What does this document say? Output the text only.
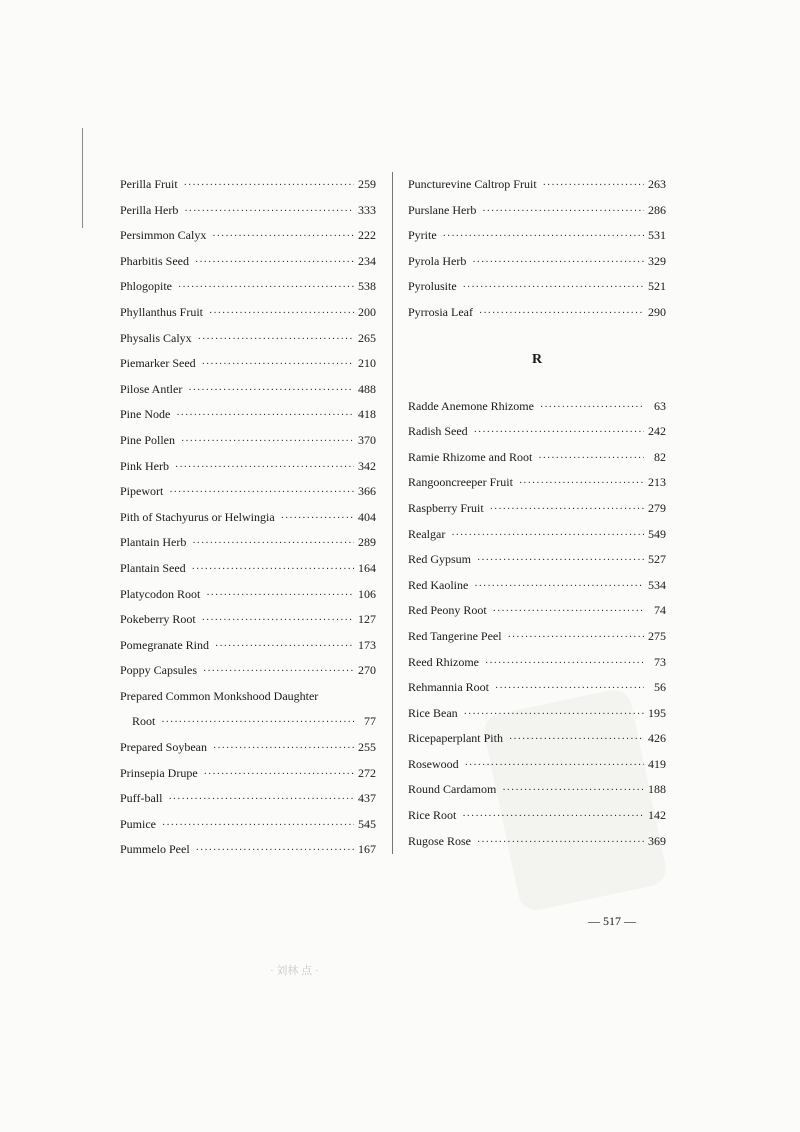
Perilla Fruit ·····	259
Perilla Herb ·····	333
Persimmon Calyx ·····	222
Pharbitis Seed ·····	234
Phlogopite ·····	538
Phyllanthus Fruit ·····	200
Physalis Calyx ·····	265
Piemarker Seed ·····	210
Pilose Antler ·····	488
Pine Node ·····	418
Pine Pollen ·····	370
Pink Herb ·····	342
Pipewort ·····	366
Pith of Stachyurus or Helwingia ·····	404
Plantain Herb ·····	289
Plantain Seed ·····	164
Platycodon Root ·····	106
Pokeberry Root ·····	127
Pomegranate Rind ·····	173
Poppy Capsules ·····	270
Prepared Common Monkshood Daughter
Root ·····	77
Prepared Soybean ·····	255
Prinsepia Drupe ·····	272
Puff-ball ·····	437
Pumice ·····	545
Pummelo Peel ·····	167
Puncturevine Caltrop Fruit ·····	263
Purslane Herb ·····	286
Pyrite ·····	531
Pyrola Herb ·····	329
Pyrolusite ·····	521
Pyrrosia Leaf ·····	290
R
Radde Anemone Rhizome ·····	63
Radish Seed ·····	242
Ramie Rhizome and Root ·····	82
Rangooncreeper Fruit ·····	213
Raspberry Fruit ·····	279
Realgar ·····	549
Red Gypsum ·····	527
Red Kaoline ·····	534
Red Peony Root ·····	74
Red Tangerine Peel ·····	275
Reed Rhizome ·····	73
Rehmannia Root ·····	56
Rice Bean ·····	195
Ricepaperplant Pith ·····	426
Rosewood ·····	419
Round Cardamom ·····	188
Rice Root ·····	142
Rugose Rose ·····	369
— 517 —
· 刘林 点 ·
